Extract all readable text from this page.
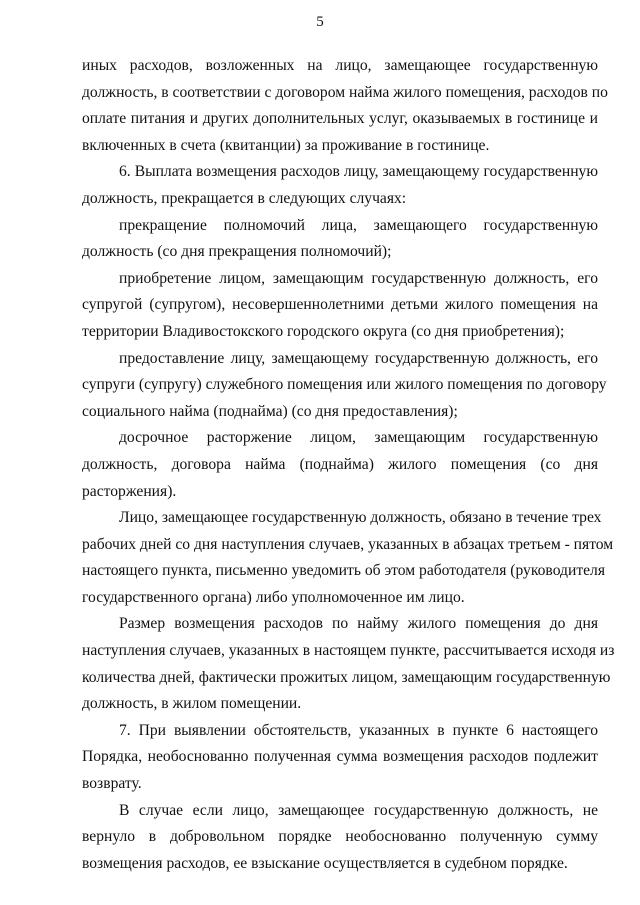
5
иных расходов, возложенных на лицо, замещающее государственную
должность, в соответствии с договором найма жилого помещения, расходов по
оплате питания и других дополнительных услуг, оказываемых в гостинице и
включенных в счета (квитанции) за проживание в гостинице.
6. Выплата возмещения расходов лицу, замещающему государственную
должность, прекращается в следующих случаях:
прекращение полномочий лица, замещающего государственную
должность (со дня прекращения полномочий);
приобретение лицом, замещающим государственную должность, его
супругой (супругом), несовершеннолетними детьми жилого помещения на
территории Владивостокского городского округа (со дня приобретения);
предоставление лицу, замещающему государственную должность, его
супруги (супругу) служебного помещения или жилого помещения по договору
социального найма (поднайма) (со дня предоставления);
досрочное расторжение лицом, замещающим государственную
должность, договора найма (поднайма) жилого помещения (со дня
расторжения).
Лицо, замещающее государственную должность, обязано в течение трех
рабочих дней со дня наступления случаев, указанных в абзацах третьем - пятом
настоящего пункта, письменно уведомить об этом работодателя (руководителя
государственного органа) либо уполномоченное им лицо.
Размер возмещения расходов по найму жилого помещения до дня
наступления случаев, указанных в настоящем пункте, рассчитывается исходя из
количества дней, фактически прожитых лицом, замещающим государственную
должность, в жилом помещении.
7. При выявлении обстоятельств, указанных в пункте 6 настоящего
Порядка, необоснованно полученная сумма возмещения расходов подлежит
возврату.
В случае если лицо, замещающее государственную должность, не
вернуло в добровольном порядке необоснованно полученную сумму
возмещения расходов, ее взыскание осуществляется в судебном порядке.
